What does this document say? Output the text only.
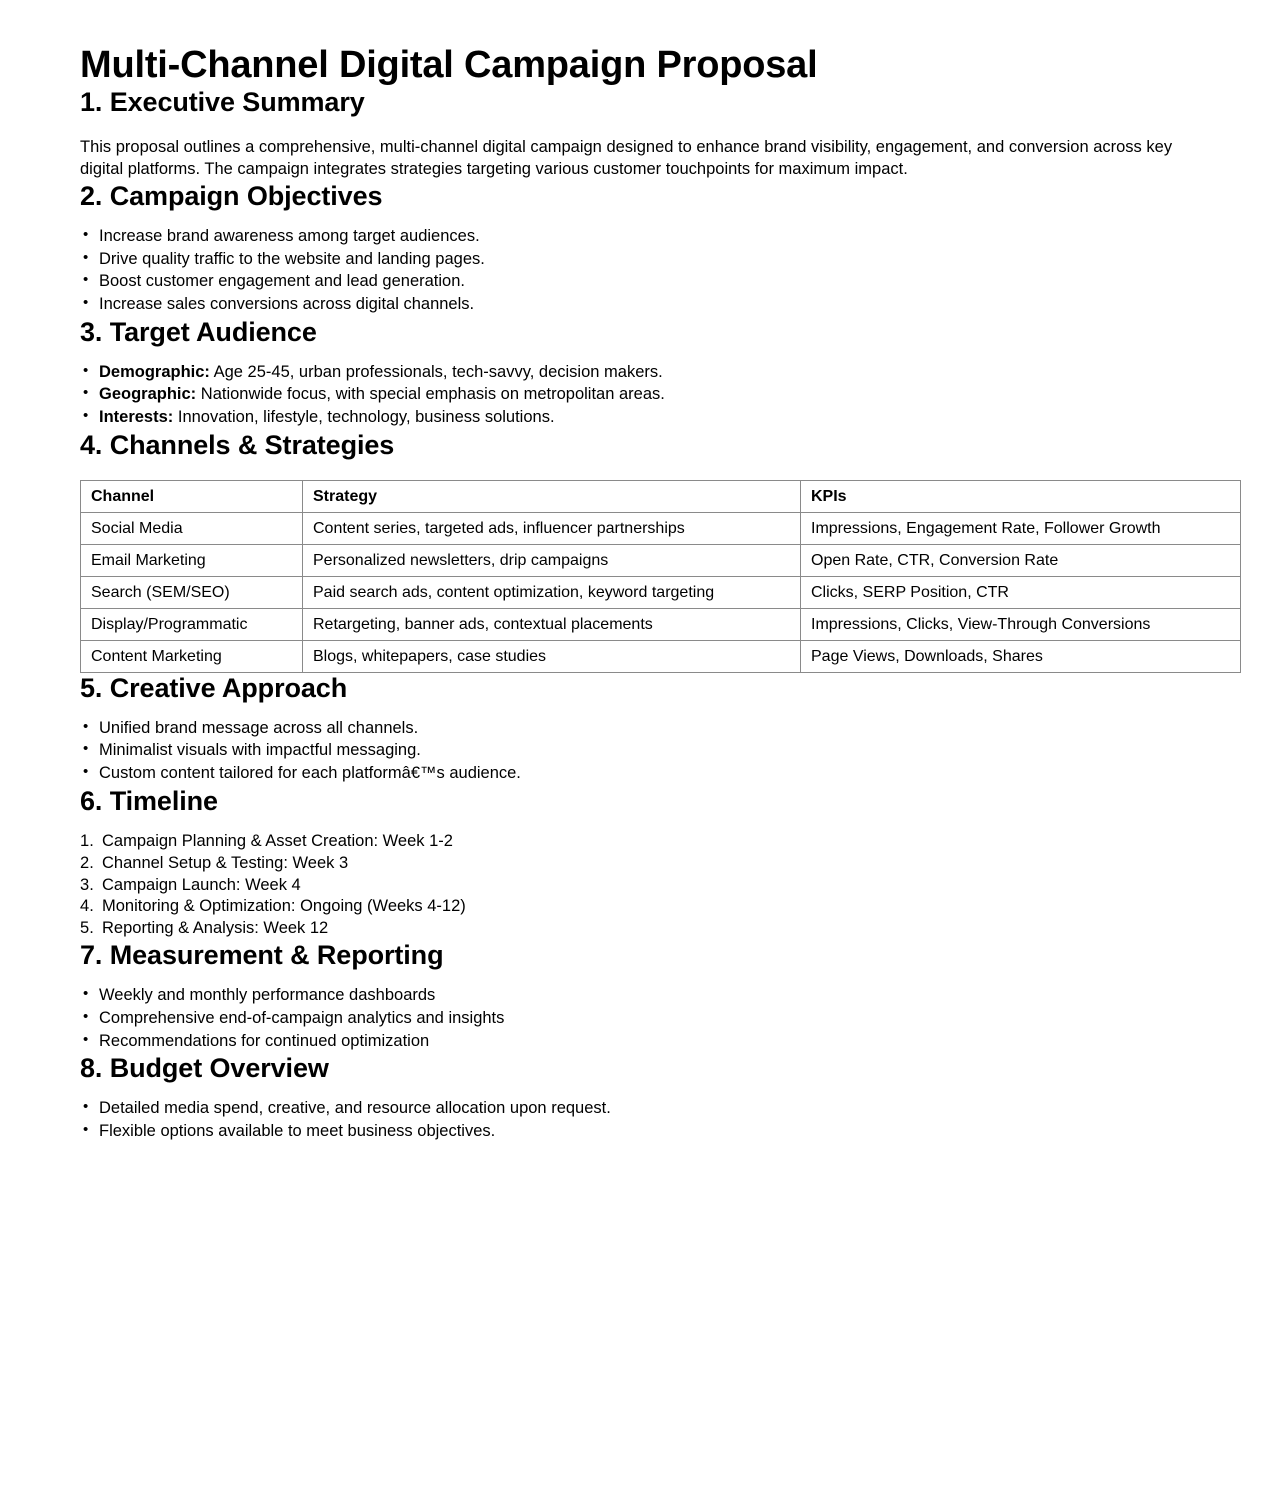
Multi-Channel Digital Campaign Proposal
1. Executive Summary

This proposal outlines a comprehensive, multi-channel digital campaign designed to enhance brand visibility, engagement, and conversion across key digital platforms. The campaign integrates strategies targeting various customer touchpoints for maximum impact.

2. Campaign Objectives
• Increase brand awareness among target audiences.
• Drive quality traffic to the website and landing pages.
• Boost customer engagement and lead generation.
• Increase sales conversions across digital channels.
3. Target Audience
• Demographic: Age 25-45, urban professionals, tech-savvy, decision makers.
• Geographic: Nationwide focus, with special emphasis on metropolitan areas.
• Interests: Innovation, lifestyle, technology, business solutions.
4. Channels & Strategies
Channel	Strategy	KPIs
Social Media	Content series, targeted ads, influencer partnerships	Impressions, Engagement Rate, Follower Growth
Email Marketing	Personalized newsletters, drip campaigns	Open Rate, CTR, Conversion Rate
Search (SEM/SEO)	Paid search ads, content optimization, keyword targeting	Clicks, SERP Position, CTR
Display/Programmatic	Retargeting, banner ads, contextual placements	Impressions, Clicks, View-Through Conversions
Content Marketing	Blogs, whitepapers, case studies	Page Views, Downloads, Shares
5. Creative Approach
• Unified brand message across all channels.
• Minimalist visuals with impactful messaging.
• Custom content tailored for each platformâ€™s audience.
6. Timeline
Campaign Planning & Asset Creation: Week 1-2
Channel Setup & Testing: Week 3
Campaign Launch: Week 4
Monitoring & Optimization: Ongoing (Weeks 4-12)
Reporting & Analysis: Week 12
7. Measurement & Reporting
• Weekly and monthly performance dashboards
• Comprehensive end-of-campaign analytics and insights
• Recommendations for continued optimization
8. Budget Overview
• Detailed media spend, creative, and resource allocation upon request.
• Flexible options available to meet business objectives.
